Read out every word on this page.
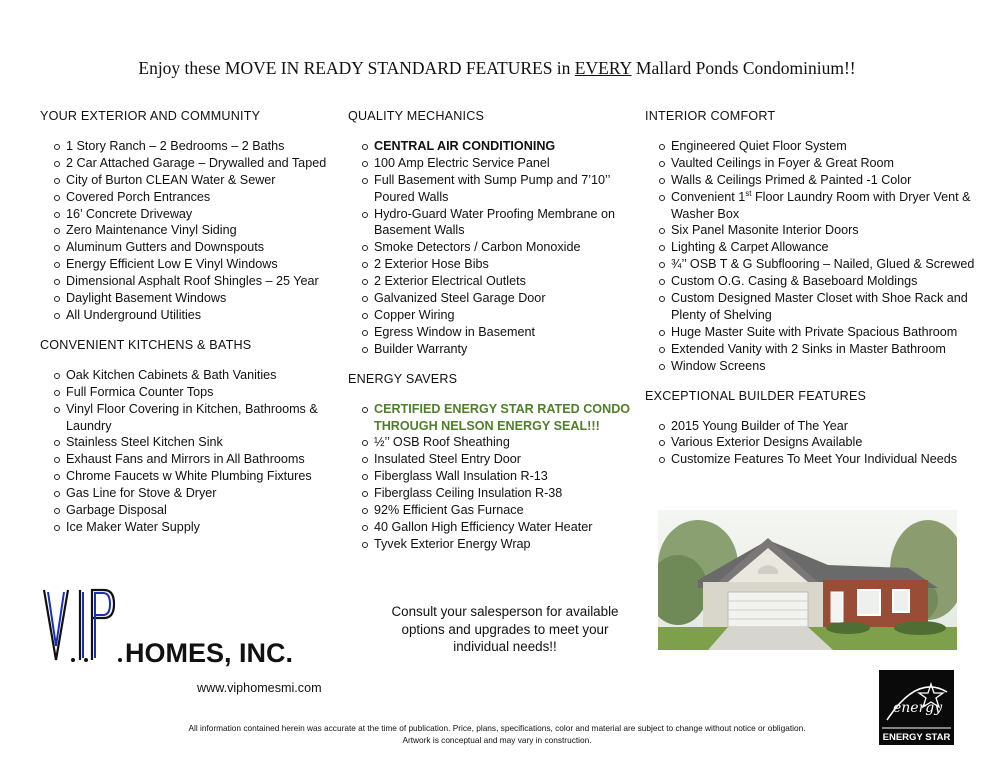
Enjoy these MOVE IN READY STANDARD FEATURES in EVERY Mallard Ponds Condominium!!
YOUR EXTERIOR AND COMMUNITY
1 Story Ranch – 2 Bedrooms – 2 Baths
2 Car Attached Garage – Drywalled and Taped
City of Burton CLEAN Water & Sewer
Covered Porch Entrances
16’ Concrete Driveway
Zero Maintenance Vinyl Siding
Aluminum Gutters and Downspouts
Energy Efficient Low E Vinyl Windows
Dimensional Asphalt Roof Shingles – 25 Year
Daylight Basement Windows
All Underground Utilities
CONVENIENT KITCHENS & BATHS
Oak Kitchen Cabinets & Bath Vanities
Full Formica Counter Tops
Vinyl Floor Covering in Kitchen, Bathrooms & Laundry
Stainless Steel Kitchen Sink
Exhaust Fans and Mirrors in All Bathrooms
Chrome Faucets w White Plumbing Fixtures
Gas Line for Stove & Dryer
Garbage Disposal
Ice Maker Water Supply
QUALITY MECHANICS
CENTRAL AIR CONDITIONING
100 Amp Electric Service Panel
Full Basement with Sump Pump and 7’10’’ Poured Walls
Hydro-Guard Water Proofing Membrane on Basement Walls
Smoke Detectors / Carbon Monoxide
2 Exterior Hose Bibs
2 Exterior Electrical Outlets
Galvanized Steel Garage Door
Copper Wiring
Egress Window in Basement
Builder Warranty
ENERGY SAVERS
CERTIFIED ENERGY STAR RATED CONDO THROUGH NELSON ENERGY SEAL!!!
½’’ OSB Roof Sheathing
Insulated Steel Entry Door
Fiberglass Wall Insulation R-13
Fiberglass Ceiling Insulation R-38
92% Efficient Gas Furnace
40 Gallon High Efficiency Water Heater
Tyvek Exterior Energy Wrap
INTERIOR COMFORT
Engineered Quiet Floor System
Vaulted Ceilings in Foyer & Great Room
Walls & Ceilings Primed & Painted -1 Color
Convenient 1st Floor Laundry Room with Dryer Vent & Washer Box
Six Panel Masonite Interior Doors
Lighting & Carpet Allowance
¾’’ OSB T & G Subflooring – Nailed, Glued & Screwed
Custom O.G. Casing & Baseboard Moldings
Custom Designed Master Closet with Shoe Rack and Plenty of Shelving
Huge Master Suite with Private Spacious Bathroom
Extended Vanity with 2 Sinks in Master Bathroom
Window Screens
EXCEPTIONAL BUILDER FEATURES
2015 Young Builder of The Year
Various Exterior Designs Available
Customize Features To Meet Your Individual Needs
HOMES, INC.
V.I.P.
www.viphomesmi.com
Consult your salesperson for available options and upgrades to meet your individual needs!!
energy
ENERGY STAR
All information contained herein was accurate at the time of publication. Price, plans, specifications, color and material are subject to change without notice or obligation.
Artwork is conceptual and may vary in construction.
